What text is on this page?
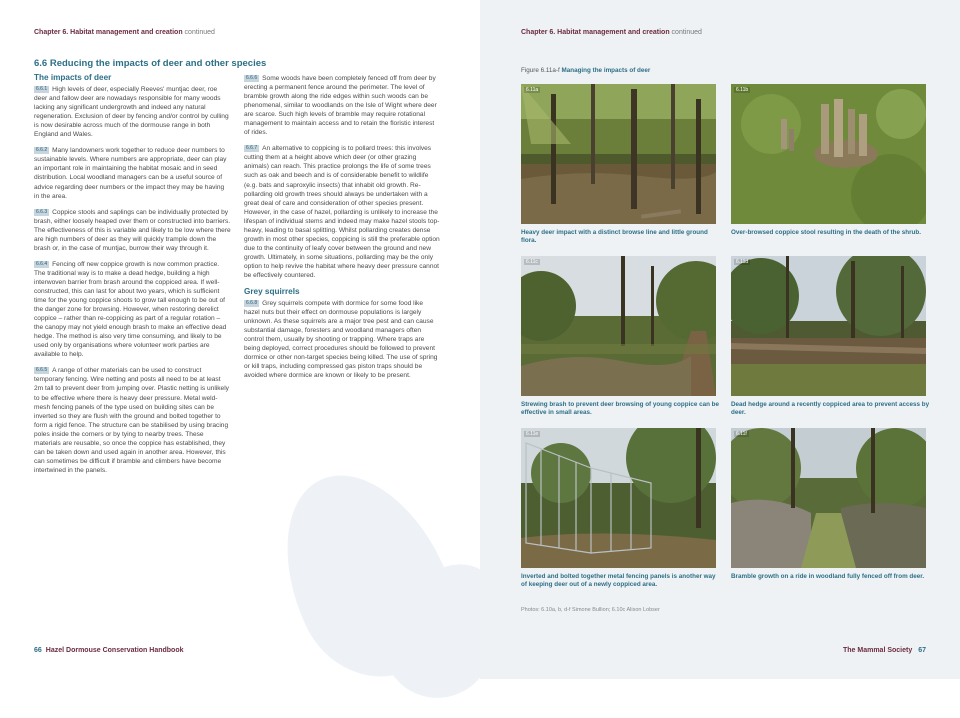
Chapter 6. Habitat management and creation continued
6.6 Reducing the impacts of deer and other species
The impacts of deer

6.6.1 High levels of deer, especially Reeves' muntjac deer, roe deer and fallow deer are nowadays responsible for many woods lacking any significant undergrowth and indeed any natural regeneration. Exclusion of deer by fencing and/or control by culling is now desirable across much of the dormouse range in both England and Wales.

6.6.2 Many landowners work together to reduce deer numbers to sustainable levels. Where numbers are appropriate, deer can play an important role in maintaining the habitat mosaic and in seed distribution. Local woodland managers can be a useful source of advice regarding deer numbers or the impact they may be having in the area.

6.6.3 Coppice stools and saplings can be individually protected by brash, either loosely heaped over them or constructed into barriers. The effectiveness of this is variable and likely to be low where there are high numbers of deer as they will quickly trample down the brash or, in the case of muntjac, burrow their way through it.

6.6.4 Fencing off new coppice growth is now common practice. The traditional way is to make a dead hedge, building a high interwoven barrier from brash around the coppiced area. If well-constructed, this can last for about two years, which is sufficient time for the young coppice shoots to grow tall enough to be out of the danger zone for browsing. However, when restoring derelict coppice – rather than re-coppicing as part of a regular rotation – the canopy may not yield enough brash to make an effective dead hedge. The method is also very time consuming, and likely to be used only by organisations where volunteer work parties are available to help.

6.6.5 A range of other materials can be used to construct temporary fencing. Wire netting and posts all need to be at least 2m tall to prevent deer from jumping over. Plastic netting is unlikely to be effective where there is heavy deer pressure. Metal weld-mesh fencing panels of the type used on building sites can be inverted so they are flush with the ground and bolted together to form a rigid fence. The structure can be stabilised by using bracing poles inside the corners or by tying to nearby trees. These materials are reusable, so once the coppice has established, they can be taken down and used again in another area. However, this can sometimes be difficult if bramble and climbers have become intertwined in the panels.

6.6.6 Some woods have been completely fenced off from deer by erecting a permanent fence around the perimeter. The level of bramble growth along the ride edges within such woods can be phenomenal, similar to woodlands on the Isle of Wight where deer are scarce. Such high levels of bramble may require rotational management to maintain access and to retain the floristic interest of rides.

6.6.7 An alternative to coppicing is to pollard trees: this involves cutting them at a height above which deer (or other grazing animals) can reach. This practice prolongs the life of some trees such as oak and beech and is of considerable benefit to wildlife (e.g. bats and saproxylic insects) that inhabit old growth. Re-pollarding old growth trees should always be undertaken with a great deal of care and consideration of other species present. However, in the case of hazel, pollarding is unlikely to increase the lifespan of individual stems and indeed may make hazel stools top-heavy, leading to basal splitting. Whilst pollarding creates dense growth in most other species, coppicing is still the preferable option due to the continuity of leafy cover between the ground and new growth. Ultimately, in some situations, pollarding may be the only option to help revive the habitat where heavy deer pressure cannot be effectively countered.

Grey squirrels

6.6.8 Grey squirrels compete with dormice for some food like hazel nuts but their effect on dormouse populations is largely unknown. As these squirrels are a major tree pest and can cause substantial damage, foresters and woodland managers often control them, usually by shooting or trapping. Where traps are being deployed, correct procedures should be followed to prevent dormice or other non-target species being killed. The use of spring or kill traps, including compressed gas piston traps should be avoided where dormice are known or likely to be present.

66 Hazel Dormouse Conservation Handbook
Chapter 6. Habitat management and creation continued
Figure 6.11a-f Managing the impacts of deer
6.11a
Heavy deer impact with a distinct browse line and little ground flora.
6.11b
Over-browsed coppice stool resulting in the death of the shrub.
6.11c
Strewing brash to prevent deer browsing of young coppice can be effective in small areas.
6.11d
Dead hedge around a recently coppiced area to prevent access by deer.
6.11e
Inverted and bolted together metal fencing panels is another way of keeping deer out of a newly coppiced area.
6.11f
Bramble growth on a ride in woodland fully fenced off from deer.
Photos: 6.10a, b, d-f Simone Bullion; 6.10c Alison Lobser
The Mammal Society 67
